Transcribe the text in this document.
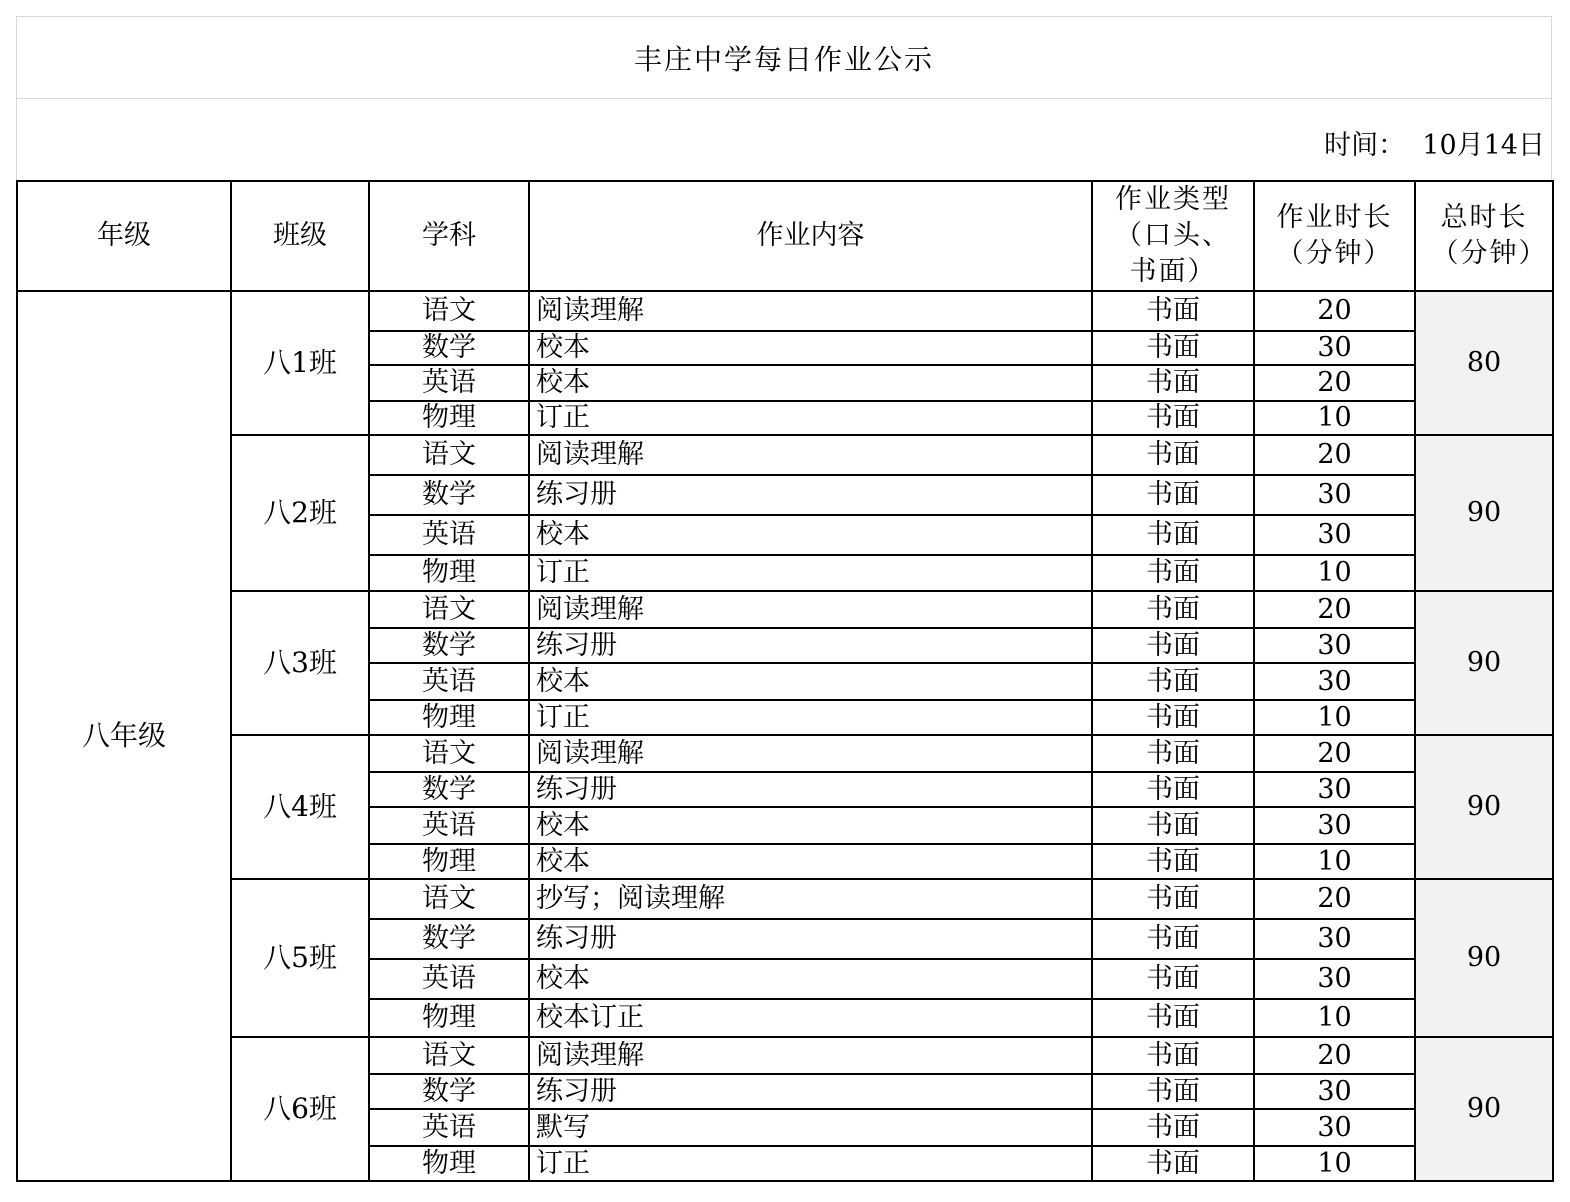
丰庄中学每日作业公示
时间：  10月14日
年级	班级	学科	作业内容	作业类型（口头、书面）	作业时长（分钟）	总时长（分钟）

八年级	八1班	语文	阅读理解	书面	20	80
		数学	校本	书面	30	
		英语	校本	书面	20	
		物理	订正	书面	10	
	八2班	语文	阅读理解	书面	20	90
		数学	练习册	书面	30	
		英语	校本	书面	30	
		物理	订正	书面	10	
	八3班	语文	阅读理解	书面	20	90
		数学	练习册	书面	30	
		英语	校本	书面	30	
		物理	订正	书面	10	
	八4班	语文	阅读理解	书面	20	90
		数学	练习册	书面	30	
		英语	校本	书面	30	
		物理	校本	书面	10	
	八5班	语文	抄写；阅读理解	书面	20	90
		数学	练习册	书面	30	
		英语	校本	书面	30	
		物理	校本订正	书面	10	
	八6班	语文	阅读理解	书面	20	90
		数学	练习册	书面	30	
		英语	默写	书面	30	
		物理	订正	书面	10	
